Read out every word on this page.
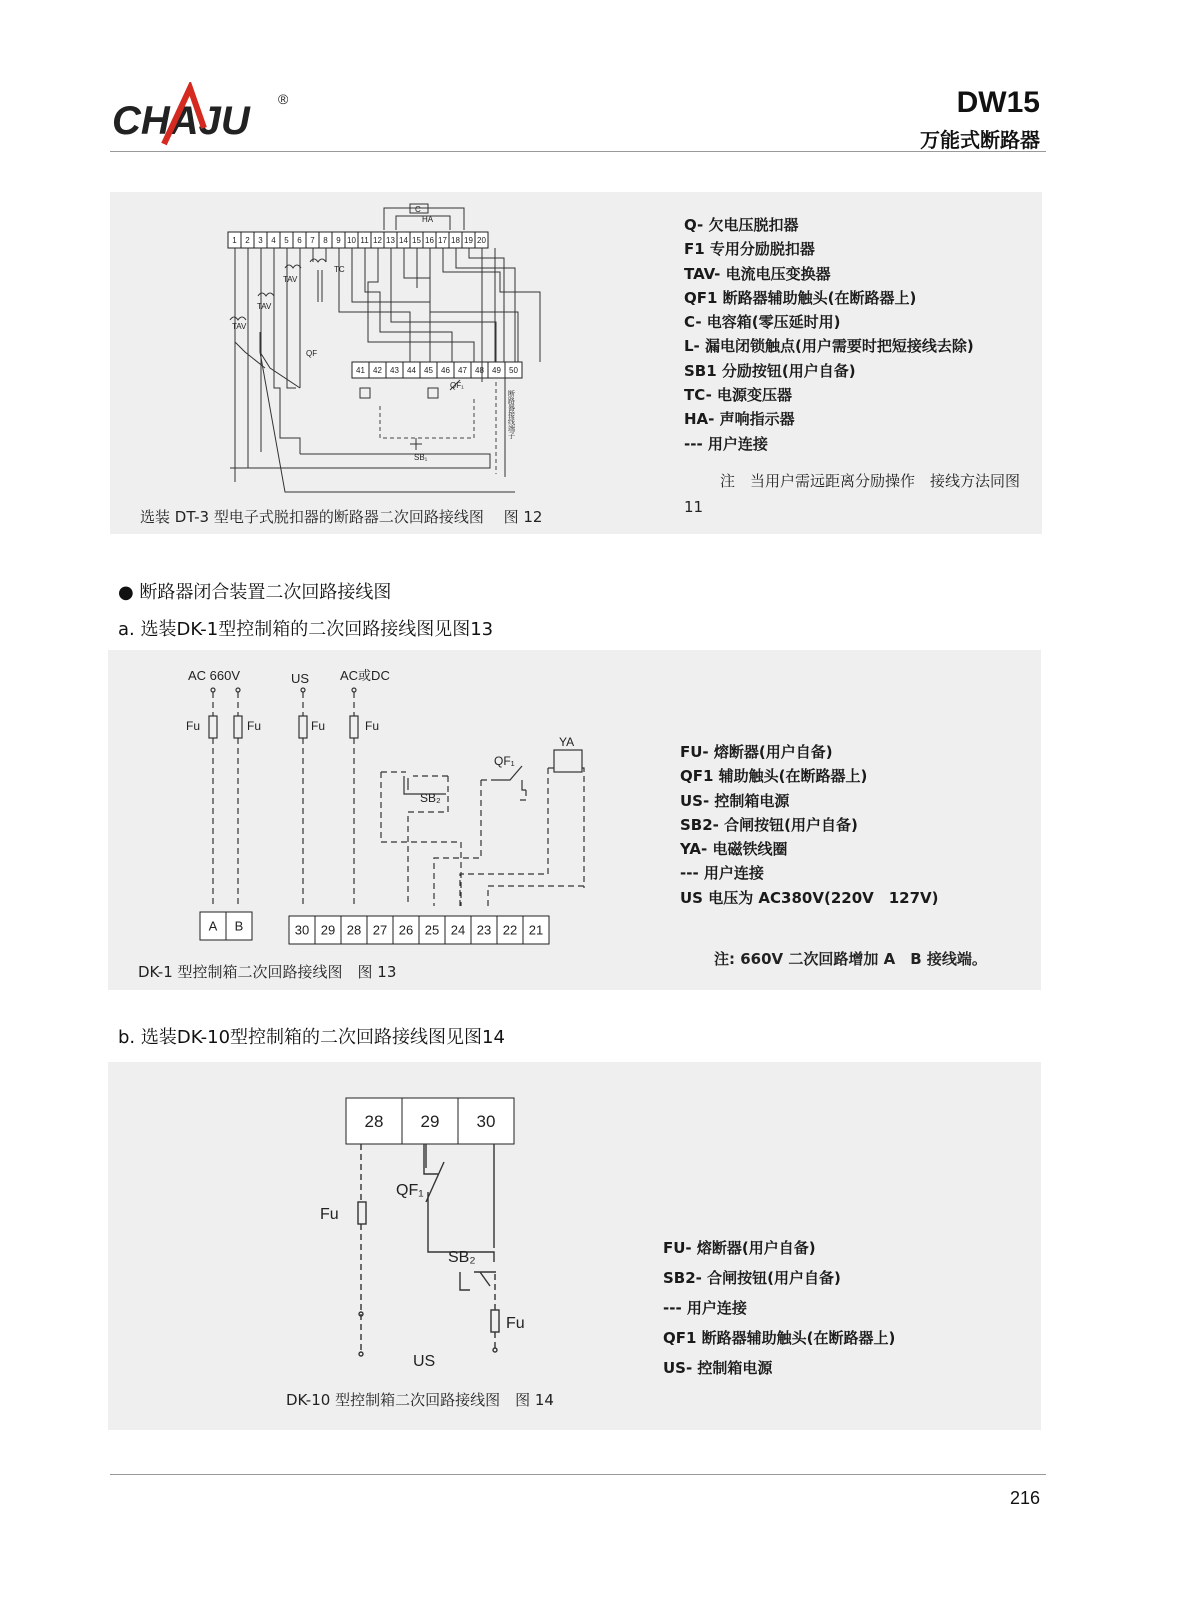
CHAJU ®	DW15
万能式断路器
1 2 3 4 5 6 7 8 9 10 11 12 13 14 15 16 17 18 19 20
41 42 43 44 45 46 47 48 49 50
C
HA
TAV
TAV
TAV
TC
QF
QF₁
SB₁
断路器接线端子
选装 DT-3 型电子式脱扣器的断路器二次回路接线图　 图 12
Q- 欠电压脱扣器
F1 专用分励脱扣器
TAV- 电流电压变换器
QF1 断路器辅助触头(在断路器上)
C- 电容箱(零压延时用)
L- 漏电闭锁触点(用户需要时把短接线去除)
SB1 分励按钮(用户自备)
TC- 电源变压器
HA- 声响指示器
--- 用户连接
注　当用户需远距离分励操作　接线方法同图 11
● 断路器闭合装置二次回路接线图
a. 选装DK-1型控制箱的二次回路接线图见图13
AC 660V	US AC或DC
Fu	Fu	Fu	Fu
QF₁
YA
SB₂
A B	30 29 28 27 26 25 24 23 22 21
DK-1 型控制箱二次回路接线图　图 13
FU- 熔断器(用户自备)
QF1 辅助触头(在断路器上)
US- 控制箱电源
SB2- 合闸按钮(用户自备)
YA- 电磁铁线圈
--- 用户连接
US 电压为 AC380V(220V　127V)
注: 660V 二次回路增加 A　B 接线端。
b. 选装DK-10型控制箱的二次回路接线图见图14
28 29 30
QF₁
Fu
SB₂
Fu
US
DK-10 型控制箱二次回路接线图　图 14
FU- 熔断器(用户自备)
SB2- 合闸按钮(用户自备)
--- 用户连接
QF1 断路器辅助触头(在断路器上)
US- 控制箱电源
216
